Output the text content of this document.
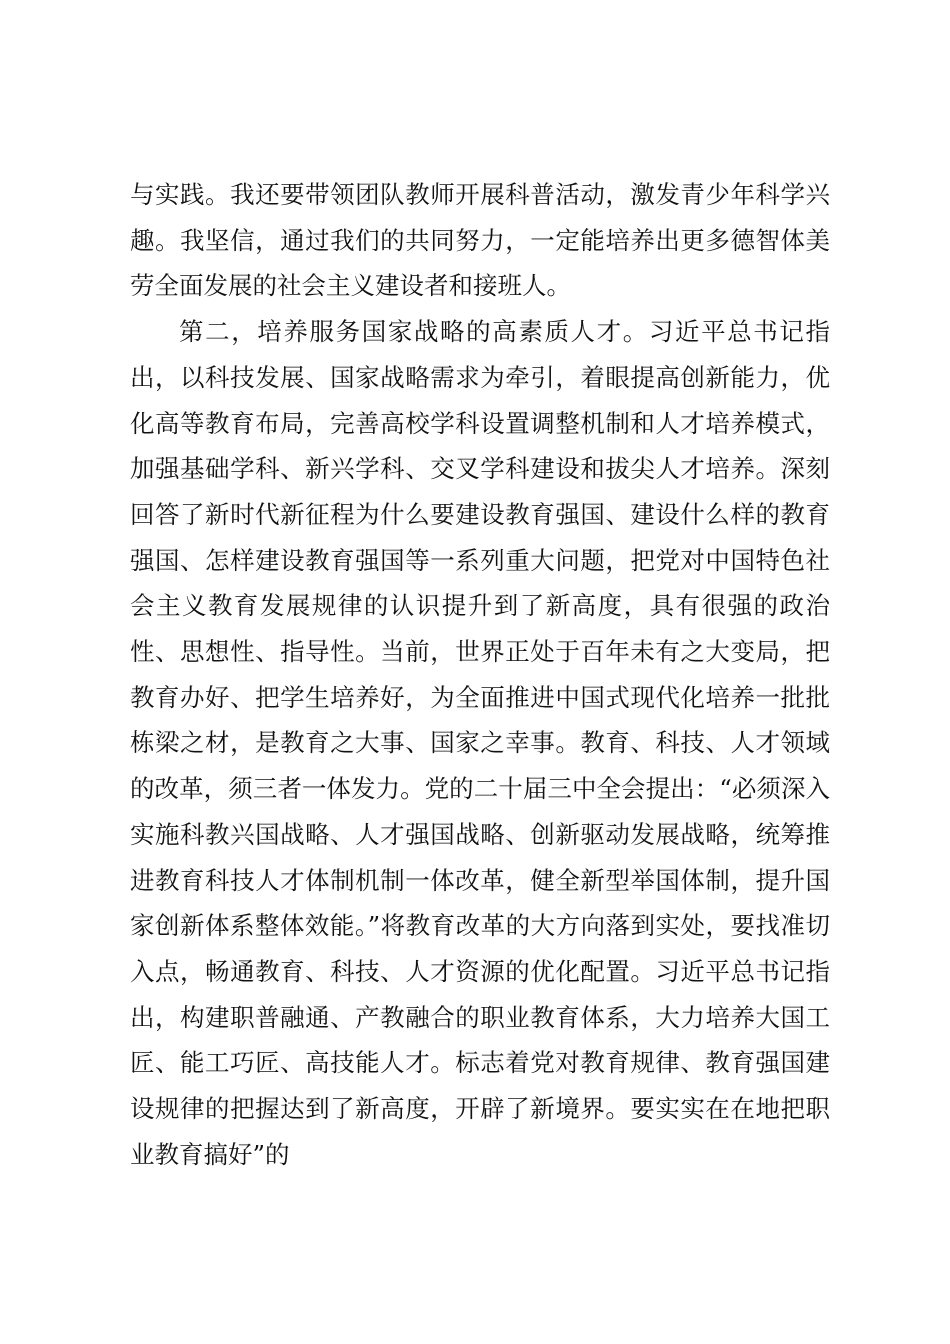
与实践。我还要带领团队教师开展科普活动，激发青少年科学兴趣。我坚信，通过我们的共同努力，一定能培养出更多德智体美劳全面发展的社会主义建设者和接班人。

第二，培养服务国家战略的高素质人才。习近平总书记指出，以科技发展、国家战略需求为牵引，着眼提高创新能力，优化高等教育布局，完善高校学科设置调整机制和人才培养模式，加强基础学科、新兴学科、交叉学科建设和拔尖人才培养。深刻回答了新时代新征程为什么要建设教育强国、建设什么样的教育强国、怎样建设教育强国等一系列重大问题，把党对中国特色社会主义教育发展规律的认识提升到了新高度，具有很强的政治性、思想性、指导性。当前，世界正处于百年未有之大变局，把教育办好、把学生培养好，为全面推进中国式现代化培养一批批栋梁之材，是教育之大事、国家之幸事。教育、科技、人才领域的改革，须三者一体发力。党的二十届三中全会提出：“必须深入实施科教兴国战略、人才强国战略、创新驱动发展战略，统筹推进教育科技人才体制机制一体改革，健全新型举国体制，提升国家创新体系整体效能。”将教育改革的大方向落到实处，要找准切入点，畅通教育、科技、人才资源的优化配置。习近平总书记指出，构建职普融通、产教融合的职业教育体系，大力培养大国工匠、能工巧匠、高技能人才。标志着党对教育规律、教育强国建设规律的把握达到了新高度，开辟了新境界。要实实在在地把职业教育搞好”的
